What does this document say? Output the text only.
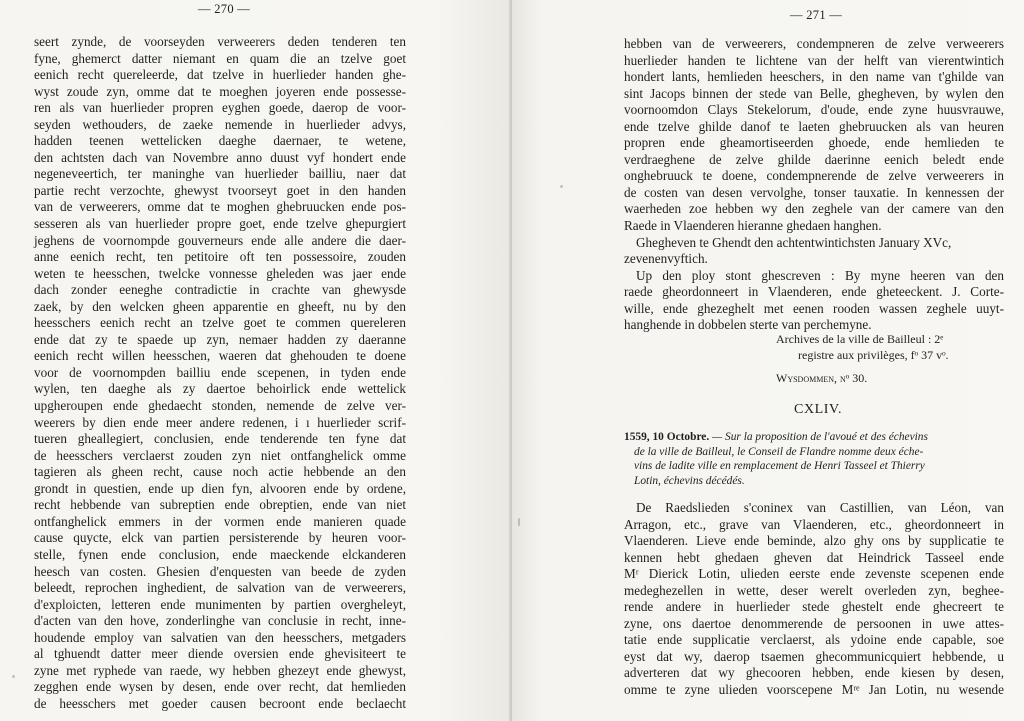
— 270 —
seert zynde, de voorseyden verweerers deden tenderen ten
fyne, ghemerct datter niemant en quam die an tzelve goet
eenich recht quereleerde, dat tzelve in huerlieder handen ghe-
wyst zoude zyn, omme dat te moeghen joyeren ende possesse-
ren als van huerlieder propren eyghen goede, daerop de voor-
seyden wethouders, de zaeke nemende in huerlieder advys,
hadden teenen wettelicken daeghe daernaer, te wetene,
den achtsten dach van Novembre anno duust vyf hondert ende
negeneveertich, ter maninghe van huerlieder bailliu, naer dat
partie recht verzochte, ghewyst tvoorseyt goet in den handen
van de verweerers, omme dat te moghen ghebruucken ende pos-
sesseren als van huerlieder propre goet, ende tzelve ghepurgiert
jeghens de voornompde gouverneurs ende alle andere die daer-
anne eenich recht, ten petitoire oft ten possessoire, zouden
weten te heesschen, twelcke vonnesse gheleden was jaer ende
dach zonder eeneghe contradictie in crachte van ghewysde
zaek, by den welcken gheen apparentie en gheeft, nu by den
heesschers eenich recht an tzelve goet te commen quereleren
ende dat zy te spaede up zyn, nemaer hadden zy daeranne
eenich recht willen heesschen, waeren dat ghehouden te doene
voor de voornompden bailliu ende scepenen, in tyden ende
wylen, ten daeghe als zy daertoe behoirlick ende wettelick
upgheroupen ende ghedaecht stonden, nemende de zelve ver-
weerers by dien ende meer andere redenen, i ı huerlieder scrif-
tueren gheallegiert, conclusien, ende tenderende ten fyne dat
de heesschers verclaerst zouden zyn niet ontfanghelick omme
tagieren als gheen recht, cause noch actie hebbende an den
grondt in questien, ende up dien fyn, alvooren ende by ordene,
recht hebbende van subreptien ende obreptien, ende van niet
ontfanghelick emmers in der vormen ende manieren quade
cause quycte, elck van partien persisterende by heuren voor-
stelle, fynen ende conclusion, ende maeckende elckanderen
heesch van costen. Ghesien d'enquesten van beede de zyden
beleedt, reprochen inghedient, de salvation van de verweerers,
d'exploicten, letteren ende munimenten by partien overgheleyt,
d'acten van den hove, zonderlinghe van conclusie in recht, inne-
houdende employ van salvatien van den heesschers, metgaders
al tghuendt datter meer diende oversien ende ghevisiteert te
zyne met ryphede van raede, wy hebben ghezeyt ende ghewyst,
zegghen ende wysen by desen, ende over recht, dat hemlieden
de heesschers met goeder causen becroont ende beclaecht
— 271 —
hebben van de verweerers, condempneren de zelve verweerers
huerlieder handen te lichtene van der helft van vierentwintich
hondert lants, hemlieden heeschers, in den name van t'ghilde van
sint Jacops binnen der stede van Belle, ghegheven, by wylen den
voornoomdon Clays Stekelorum, d'oude, ende zyne huusvrauwe,
ende tzelve ghilde danof te laeten ghebruucken als van heuren
propren ende gheamortiseerden ghoede, ende hemlieden te
verdraeghene de zelve ghilde daerinne eenich beledt ende
onghebruuck te doene, condempnerende de zelve verweerers in
de costen van desen vervolghe, tonser tauxatie. In kennessen der
waerheden zoe hebben wy den zeghele van der camere van den
Raede in Vlaenderen hieranne ghedaen hanghen.
Ghegheven te Ghendt den achtentwintichsten January XVc,
zevenenvyftich.
Up den ploy stont ghescreven : By myne heeren van den
raede gheordonneert in Vlaenderen, ende gheteeckent. J. Corte-
wille, ende ghezeghelt met eenen rooden wassen zeghele uuyt-
hanghende in dobbelen sterte van perchemyne.
Archives de la ville de Bailleul : 2ᵉ
registre aux privilèges, fᵒ 37 vᵒ.
Wysdommen, nᵒ 30.
CXLIV.
1559, 10 Octobre. — Sur la proposition de l'avoué et des échevins
de la ville de Bailleul, le Conseil de Flandre nomme deux éche-
vins de ladite ville en remplacement de Henri Tasseel et Thierry
Lotin, échevins décédés.
De Raedslieden s'coninex van Castillien, van Léon, van
Arragon, etc., grave van Vlaenderen, etc., gheordonneert in
Vlaenderen. Lieve ende beminde, alzo ghy ons by supplicatie te
kennen hebt ghedaen gheven dat Heindrick Tasseel ende
Mʳ Dierick Lotin, ulieden eerste ende zevenste scepenen ende
medeghezellen in wette, deser werelt overleden zyn, beghee-
rende andere in huerlieder stede ghestelt ende ghecreert te
zyne, ons daertoe denommerende de persoonen in uwe attes-
tatie ende supplicatie verclaerst, als ydoine ende capable, soe
eyst dat wy, daerop tsaemen ghecommunicquiert hebbende, u
adverteren dat wy ghecooren hebben, ende kiesen by desen,
omme te zyne ulieden voorscepene Mʳᵉ Jan Lotin, nu wesende
